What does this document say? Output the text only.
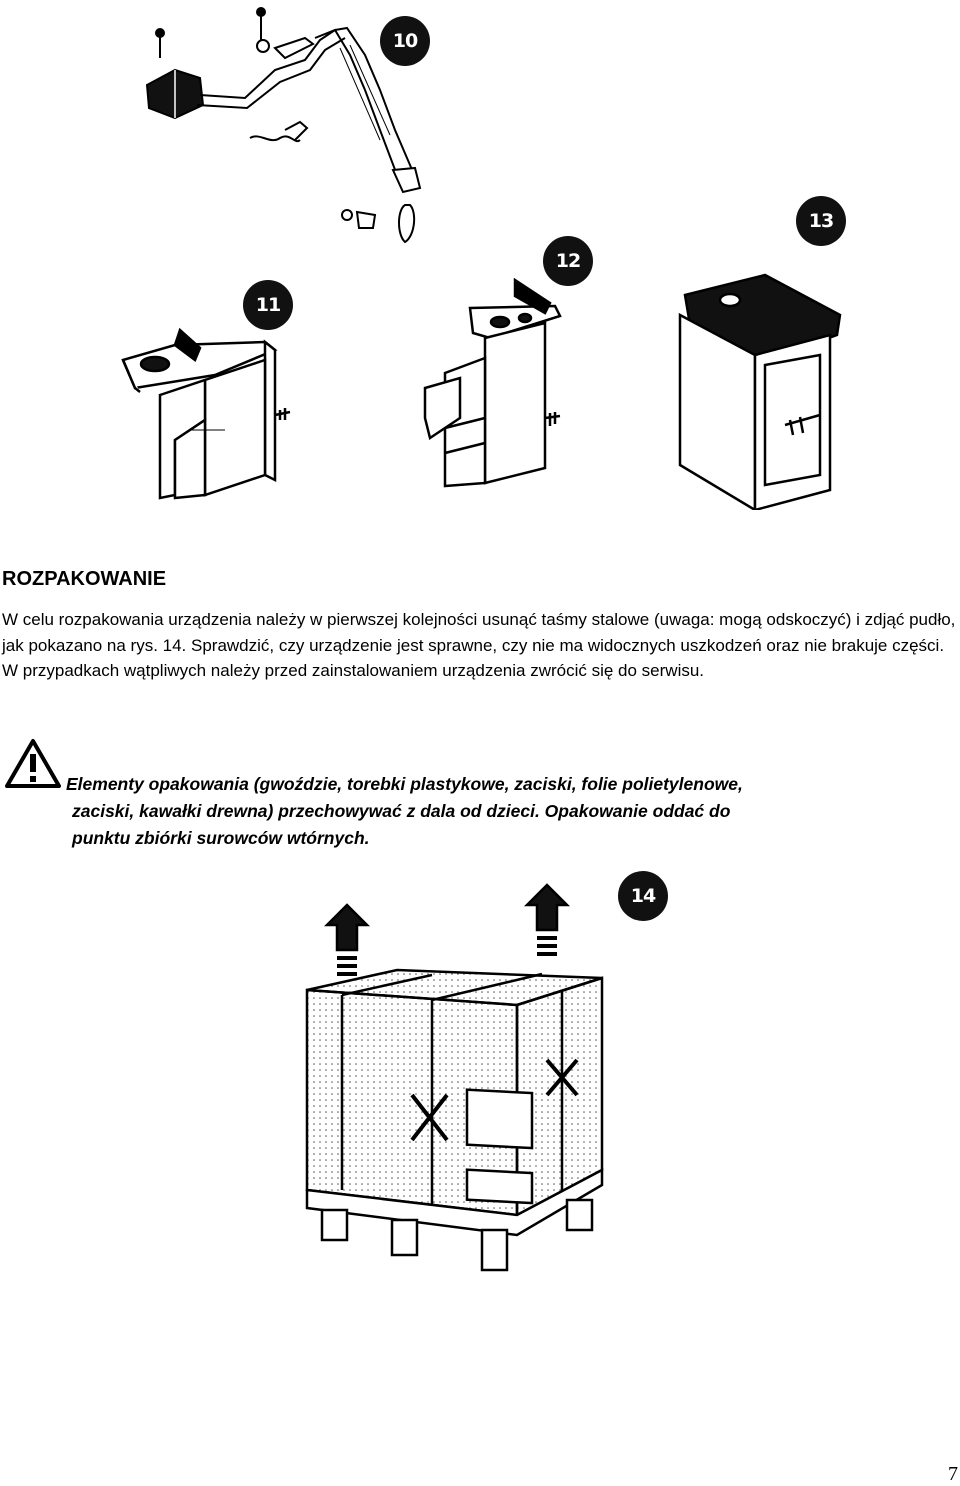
10
11
12
13
ROZPAKOWANIE

W celu rozpakowania urządzenia należy w pierwszej kolejności usunąć taśmy stalowe (uwaga: mogą odskoczyć) i zdjąć pudło, jak pokazano na rys. 14. Sprawdzić, czy urządzenie jest sprawne, czy nie ma widocznych uszkodzeń oraz nie brakuje części. W przypadkach wątpliwych należy przed zainstalowaniem urządzenia zwrócić się do serwisu.

Elementy opakowania (gwoździe, torebki plastykowe, zaciski, folie polietylenowe,
zaciski, kawałki drewna) przechowywać z dala od dzieci. Opakowanie oddać do
punktu zbiórki surowców wtórnych.

14
7
